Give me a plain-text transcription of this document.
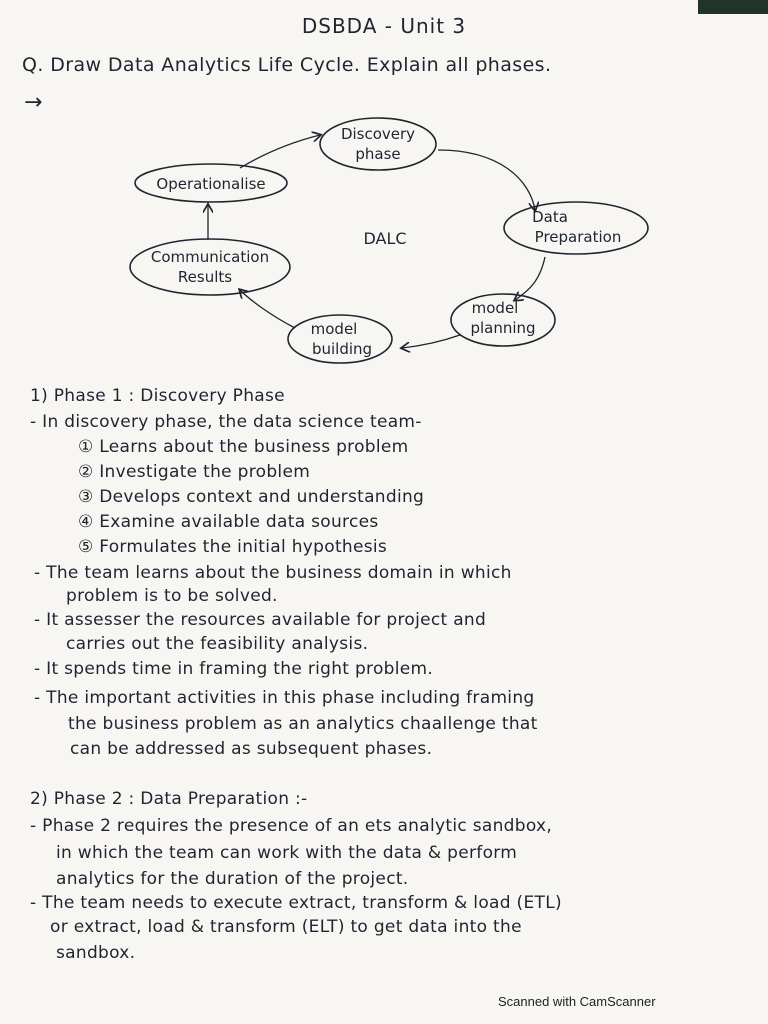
DSBDA - Unit 3
Q. Draw Data Analytics Life Cycle. Explain all phases.
→
Discovery
phase
Data
Preparation
model
planning
model
building
Communication
Results
Operationalise
DALC
1) Phase 1 : Discovery Phase
- In discovery phase, the data science team-
① Learns about the business problem
② Investigate the problem
③ Develops context and understanding
④ Examine available data sources
⑤ Formulates the initial hypothesis
- The team learns about the business domain in which
problem is to be solved.
- It assesser the resources available for project and
carries out the feasibility analysis.
- It spends time in framing the right problem.
- The important activities in this phase including framing
the business problem as an analytics chaallenge that
can be addressed as subsequent phases.
2) Phase 2 : Data Preparation :-
- Phase 2 requires the presence of an ets analytic sandbox,
in which the team can work with the data & perform
analytics for the duration of the project.
- The team needs to execute extract, transform & load (ETL)
or extract, load & transform (ELT) to get data into the
sandbox.
Scanned with CamScanner
